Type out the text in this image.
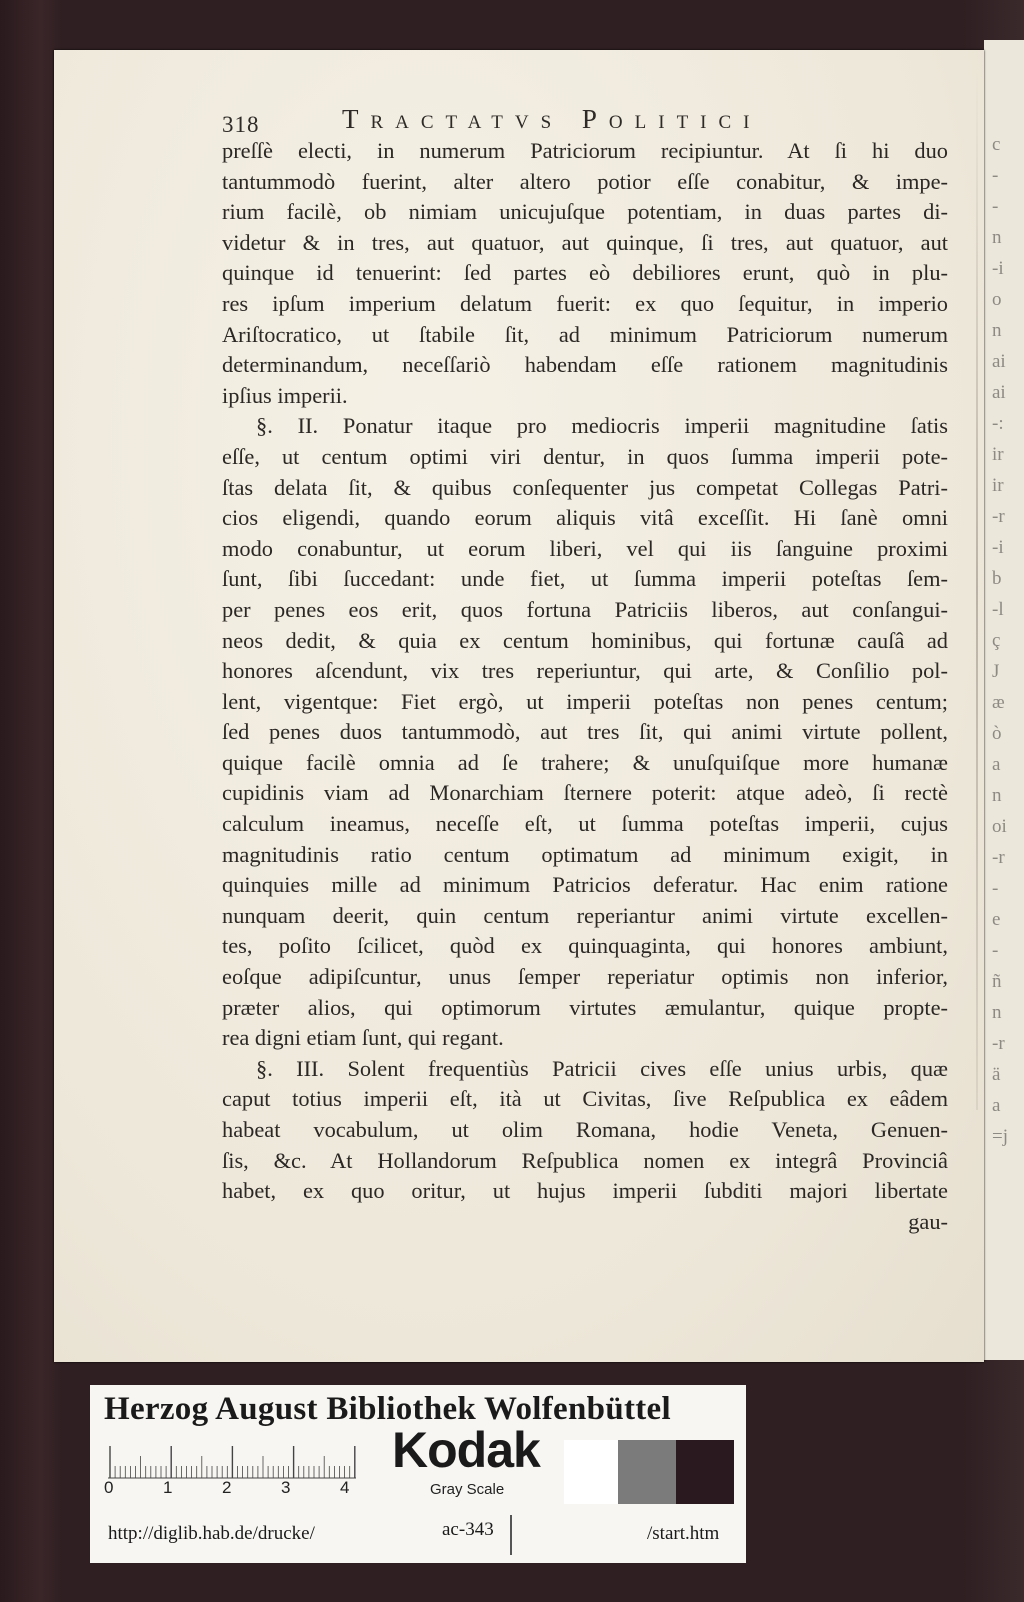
c
-
-
n
-i
o
n
ai
ai
-:
ir
ir
-r
-i
b
-l
ç
J
æ
ò
a
n
oi
-r
-
e
-
ñ
n
-r
ä
a
=j
318	Tractatvs Politici
preſſè electi, in numerum Patriciorum recipiuntur. At ſi hi duo
tantummodò fuerint, alter altero potior eſſe conabitur, & impe-
rium facilè, ob nimiam unicujuſque potentiam, in duas partes di-
videtur & in tres, aut quatuor, aut quinque, ſi tres, aut quatuor, aut
quinque id tenuerint: ſed partes eò debiliores erunt, quò in plu-
res ipſum imperium delatum fuerit: ex quo ſequitur, in imperio
Ariſtocratico, ut ſtabile ſit, ad minimum Patriciorum numerum
determinandum, neceſſariò habendam eſſe rationem magnitudinis
ipſius imperii.
§. II. Ponatur itaque pro mediocris imperii magnitudine ſatis
eſſe, ut centum optimi viri dentur, in quos ſumma imperii pote-
ſtas delata ſit, & quibus conſequenter jus competat Collegas Patri-
cios eligendi, quando eorum aliquis vitâ exceſſit. Hi ſanè omni
modo conabuntur, ut eorum liberi, vel qui iis ſanguine proximi
ſunt, ſibi ſuccedant: unde fiet, ut ſumma imperii poteſtas ſem-
per penes eos erit, quos fortuna Patriciis liberos, aut conſangui-
neos dedit, & quia ex centum hominibus, qui fortunæ cauſâ ad
honores aſcendunt, vix tres reperiuntur, qui arte, & Conſilio pol-
lent, vigentque: Fiet ergò, ut imperii poteſtas non penes centum;
ſed penes duos tantummodò, aut tres ſit, qui animi virtute pollent,
quique facilè omnia ad ſe trahere; & unuſquiſque more humanæ
cupidinis viam ad Monarchiam ſternere poterit: atque adeò, ſi rectè
calculum ineamus, neceſſe eſt, ut ſumma poteſtas imperii, cujus
magnitudinis ratio centum optimatum ad minimum exigit, in
quinquies mille ad minimum Patricios deferatur. Hac enim ratione
nunquam deerit, quin centum reperiantur animi virtute excellen-
tes, poſito ſcilicet, quòd ex quinquaginta, qui honores ambiunt,
eoſque adipiſcuntur, unus ſemper reperiatur optimis non inferior,
præter alios, qui optimorum virtutes æmulantur, quique propte-
rea digni etiam ſunt, qui regant.
§. III. Solent frequentiùs Patricii cives eſſe unius urbis, quæ
caput totius imperii eſt, ità ut Civitas, ſive Reſpublica ex eâdem
habeat vocabulum, ut olim Romana, hodie Veneta, Genuen-
ſis, &c. At Hollandorum Reſpublica nomen ex integrâ Provinciâ
habet, ex quo oritur, ut hujus imperii ſubditi majori libertate
gau-
Herzog August Bibliothek Wolfenbüttel
0	1	2	3	4
Kodak
Gray Scale
http://diglib.hab.de/drucke/	ac-343	/start.htm
